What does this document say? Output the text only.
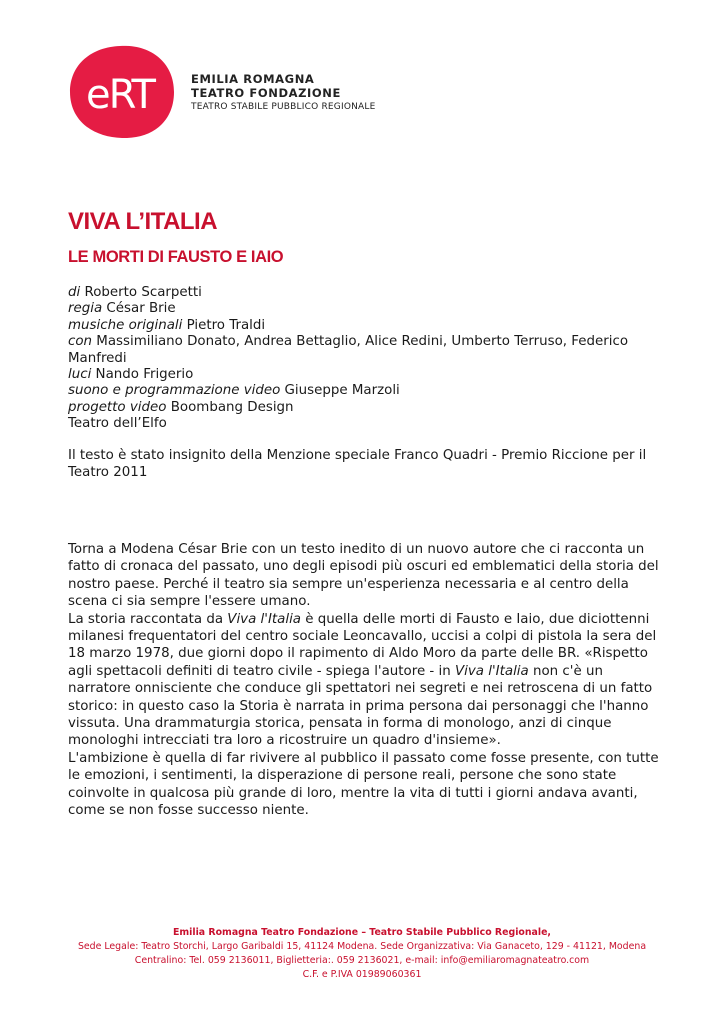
eRT	EMILIA ROMAGNA
TEATRO FONDAZIONE
TEATRO STABILE PUBBLICO REGIONALE
VIVA L’ITALIA
LE MORTI DI FAUSTO E IAIO

di Roberto Scarpetti

regia César Brie

musiche originali Pietro Traldi

con Massimiliano Donato, Andrea Bettaglio, Alice Redini, Umberto Terruso, Federico Manfredi

luci Nando Frigerio

suono e programmazione video Giuseppe Marzoli

progetto video Boombang Design

Teatro dell’Elfo

Il testo è stato insignito della Menzione speciale Franco Quadri - Premio Riccione per il Teatro 2011

Torna a Modena César Brie con un testo inedito di un nuovo autore che ci racconta un fatto di cronaca del passato, uno degli episodi più oscuri ed emblematici della storia del nostro paese. Perché il teatro sia sempre un'esperienza necessaria e al centro della scena ci sia sempre l'essere umano.

La storia raccontata da Viva l'Italia è quella delle morti di Fausto e Iaio, due diciottenni milanesi frequentatori del centro sociale Leoncavallo, uccisi a colpi di pistola la sera del 18 marzo 1978, due giorni dopo il rapimento di Aldo Moro da parte delle BR. «Rispetto agli spettacoli definiti di teatro civile - spiega l'autore - in Viva l'Italia non c'è un narratore onnisciente che conduce gli spettatori nei segreti e nei retroscena di un fatto storico: in questo caso la Storia è narrata in prima persona dai personaggi che l'hanno vissuta. Una drammaturgia storica, pensata in forma di monologo, anzi di cinque monologhi intrecciati tra loro a ricostruire un quadro d'insieme».

L'ambizione è quella di far rivivere al pubblico il passato come fosse presente, con tutte le emozioni, i sentimenti, la disperazione di persone reali, persone che sono state coinvolte in qualcosa più grande di loro, mentre la vita di tutti i giorni andava avanti, come se non fosse successo niente.

Emilia Romagna Teatro Fondazione – Teatro Stabile Pubblico Regionale,
Sede Legale: Teatro Storchi, Largo Garibaldi 15, 41124 Modena. Sede Organizzativa: Via Ganaceto, 129 - 41121, Modena
Centralino: Tel. 059 2136011, Biglietteria:. 059 2136021, e-mail: info@emiliaromagnateatro.com
C.F. e P.IVA 01989060361
